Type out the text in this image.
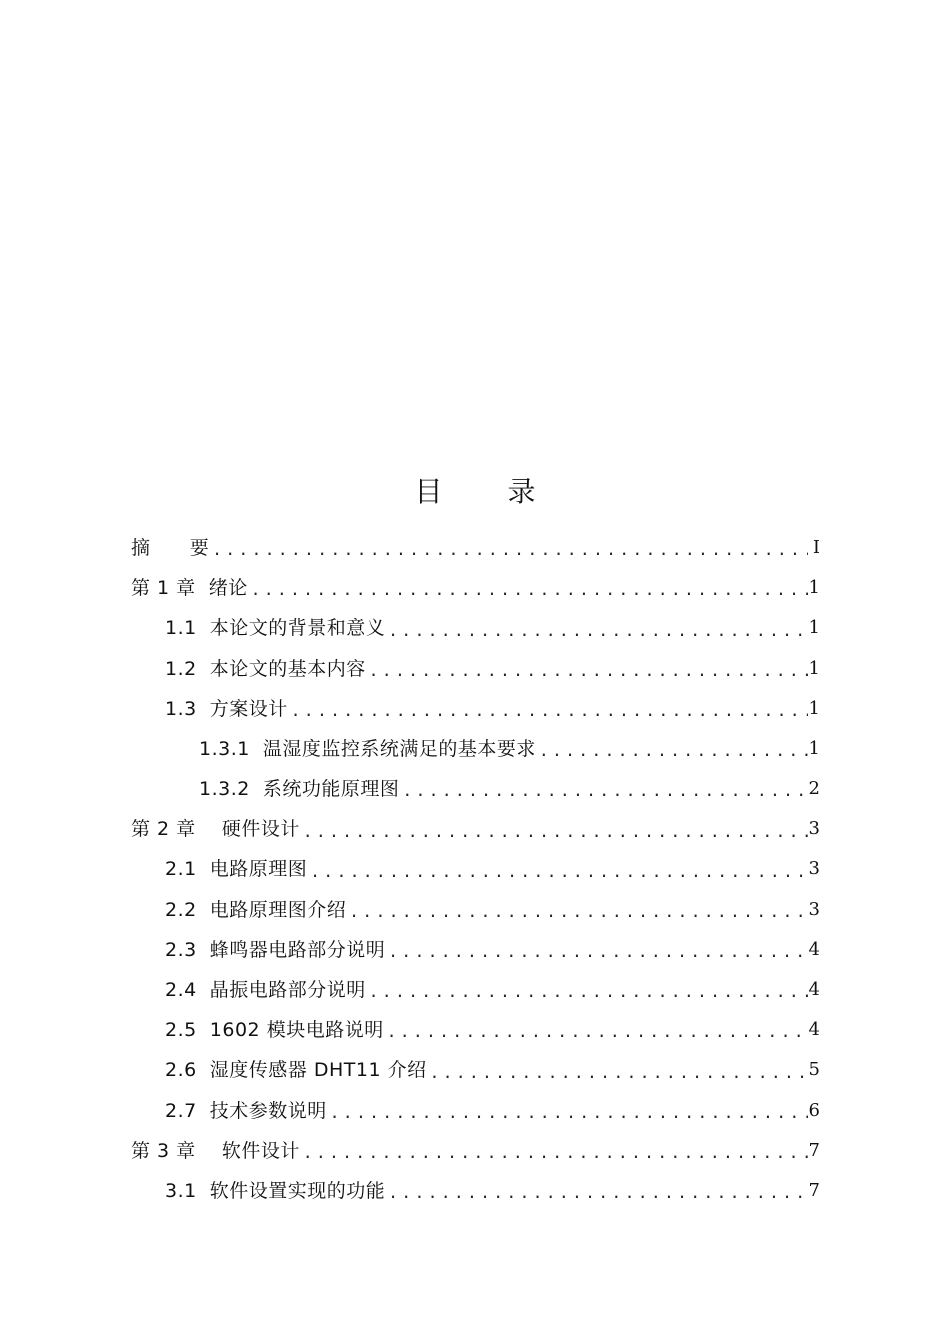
目 录
摘      要 .....	I
第 1 章  绪论 .....	1
1.1  本论文的背景和意义 .....	1
1.2  本论文的基本内容 .....	1
1.3  方案设计 .....	1
1.3.1  温湿度监控系统满足的基本要求 .....	1
1.3.2  系统功能原理图 .....	2
第 2 章    硬件设计 .....	3
2.1  电路原理图 .....	3
2.2  电路原理图介绍 .....	3
2.3  蜂鸣器电路部分说明 .....	4
2.4  晶振电路部分说明 .....	4
2.5  1602 模块电路说明 .....	4
2.6  湿度传感器 DHT11 介绍 .....	5
2.7  技术参数说明 .....	6
第 3 章    软件设计 .....	7
3.1  软件设置实现的功能 .....	7
